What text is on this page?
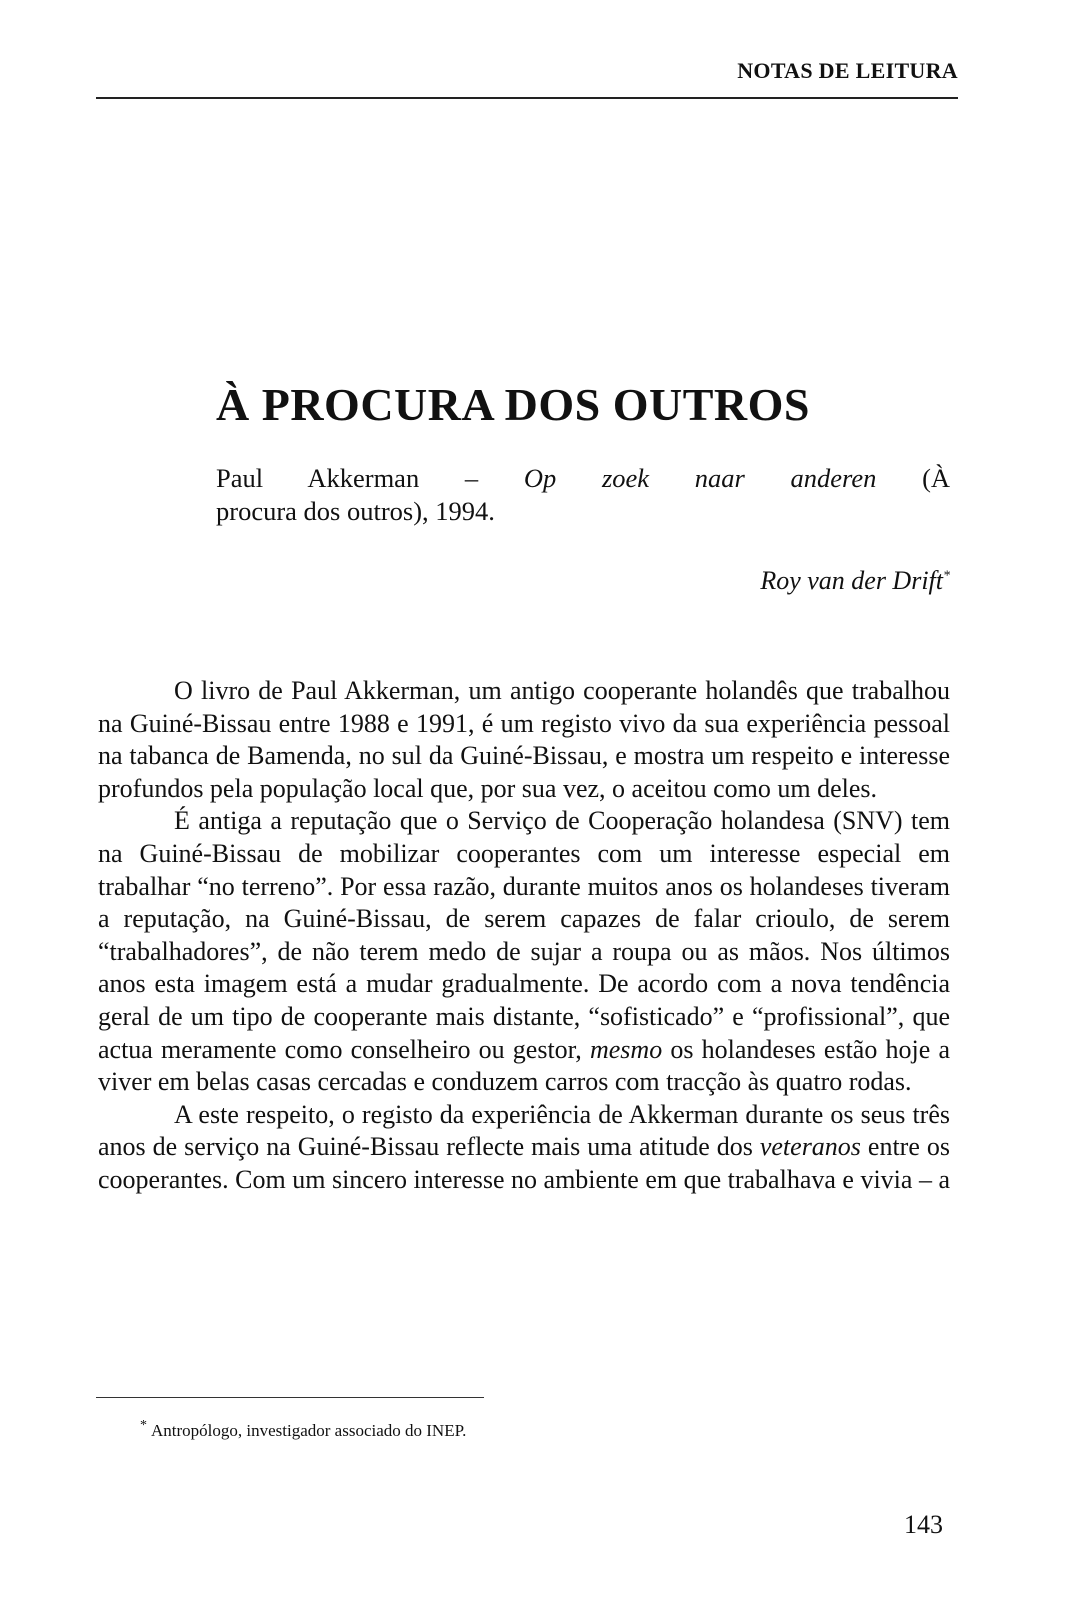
NOTAS DE LEITURA
À PROCURA DOS OUTROS
Paul Akkerman – Op zoek naar anderen (À
procura dos outros), 1994.
Roy van der Drift*

O livro de Paul Akkerman, um antigo cooperante holandês que trabalhou na Guiné-Bissau entre 1988 e 1991, é um registo vivo da sua experiência pessoal na tabanca de Bamenda, no sul da Guiné-Bissau, e mostra um respeito e interesse profundos pela população local que, por sua vez, o aceitou como um deles.

É antiga a reputação que o Serviço de Cooperação holandesa (SNV) tem na Guiné-Bissau de mobilizar cooperantes com um interesse especial em trabalhar “no terreno”. Por essa razão, durante muitos anos os holandeses tiveram a reputação, na Guiné-Bissau, de serem capazes de falar crioulo, de serem “trabalhadores”, de não terem medo de sujar a roupa ou as mãos. Nos últimos anos esta imagem está a mudar gradualmente. De acordo com a nova tendência geral de um tipo de cooperante mais distante, “sofisticado” e “profissional”, que actua meramente como conselheiro ou gestor, mesmo os holandeses estão hoje a viver em belas casas cercadas e conduzem carros com tracção às quatro rodas.

A este respeito, o registo da experiência de Akkerman durante os seus três anos de serviço na Guiné-Bissau reflecte mais uma atitude dos veteranos entre os cooperantes. Com um sincero interesse no ambiente em que trabalhava e vivia – a

* Antropólogo, investigador associado do INEP.
143
